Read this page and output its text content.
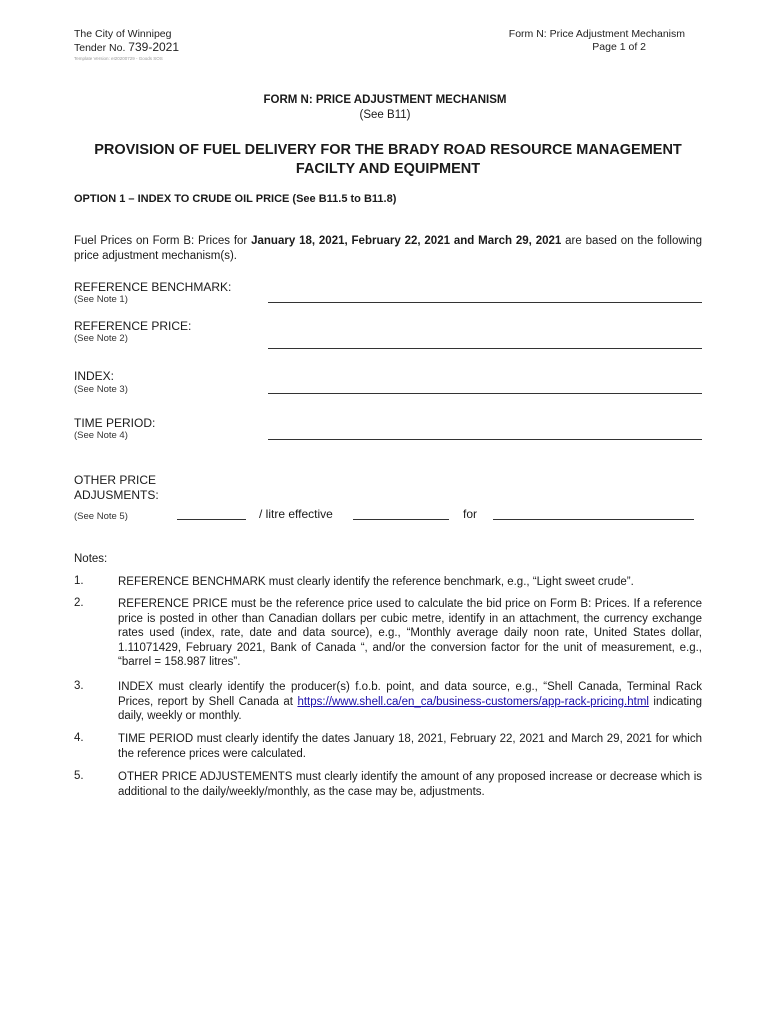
The City of Winnipeg
Tender No. 739-2021
Template Version: eI20200729 - Goods SOS
Form N: Price Adjustment Mechanism
Page 1 of 2
FORM N: PRICE ADJUSTMENT MECHANISM
(See B11)
PROVISION OF FUEL DELIVERY FOR THE BRADY ROAD RESOURCE MANAGEMENT FACILTY AND EQUIPMENT
OPTION 1 – INDEX TO CRUDE OIL PRICE (See B11.5 to B11.8)
Fuel Prices on Form B: Prices for January 18, 2021, February 22, 2021 and March 29, 2021 are based on the following price adjustment mechanism(s).
REFERENCE BENCHMARK:
(See Note 1)
REFERENCE PRICE:
(See Note 2)
INDEX:
(See Note 3)
TIME PERIOD:
(See Note 4)
OTHER PRICE
ADJUSMENTS:
(See Note 5)	/ litre effective	for
Notes:
1.	REFERENCE BENCHMARK must clearly identify the reference benchmark, e.g., “Light sweet crude”.
2.	REFERENCE PRICE must be the reference price used to calculate the bid price on Form B: Prices. If a reference price is posted in other than Canadian dollars per cubic metre, identify in an attachment, the currency exchange rates used (index, rate, date and data source), e.g., “Monthly average daily noon rate, United States dollar, 1.11071429, February 2021, Bank of Canada “, and/or the conversion factor for the unit of measurement, e.g., “barrel = 158.987 litres”.
3.	INDEX must clearly identify the producer(s) f.o.b. point, and data source, e.g., “Shell Canada, Terminal Rack Prices, report by Shell Canada at https://www.shell.ca/en_ca/business-customers/app-rack-pricing.html indicating daily, weekly or monthly.
4.	TIME PERIOD must clearly identify the dates January 18, 2021, February 22, 2021 and March 29, 2021 for which the reference prices were calculated.
5.	OTHER PRICE ADJUSTEMENTS must clearly identify the amount of any proposed increase or decrease which is additional to the daily/weekly/monthly, as the case may be, adjustments.
